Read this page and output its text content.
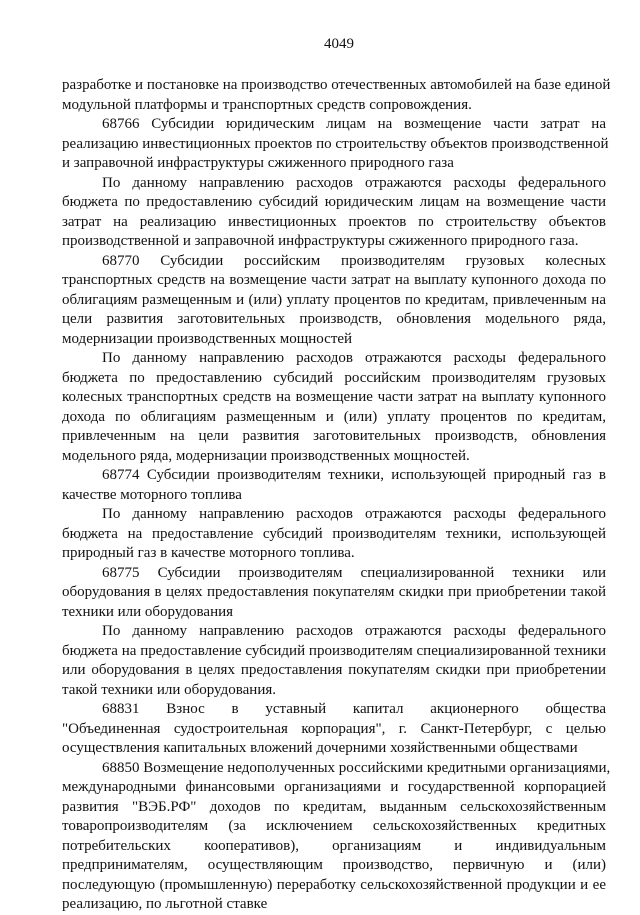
4049
разработке и постановке на производство отечественных автомобилей на базе единой
модульной платформы и транспортных средств сопровождения.
68766 Субсидии юридическим лицам на возмещение части затрат на
реализацию инвестиционных проектов по строительству объектов производственной
и заправочной инфраструктуры сжиженного природного газа
По данному направлению расходов отражаются расходы федерального
бюджета по предоставлению субсидий юридическим лицам на возмещение части
затрат на реализацию инвестиционных проектов по строительству объектов
производственной и заправочной инфраструктуры сжиженного природного газа.
68770 Субсидии российским производителям грузовых колесных
транспортных средств на возмещение части затрат на выплату купонного дохода по
облигациям размещенным и (или) уплату процентов по кредитам, привлеченным на
цели развития заготовительных производств, обновления модельного ряда,
модернизации производственных мощностей
По данному направлению расходов отражаются расходы федерального
бюджета по предоставлению субсидий российским производителям грузовых
колесных транспортных средств на возмещение части затрат на выплату купонного
дохода по облигациям размещенным и (или) уплату процентов по кредитам,
привлеченным на цели развития заготовительных производств, обновления
модельного ряда, модернизации производственных мощностей.
68774 Субсидии производителям техники, использующей природный газ в
качестве моторного топлива
По данному направлению расходов отражаются расходы федерального
бюджета на предоставление субсидий производителям техники, использующей
природный газ в качестве моторного топлива.
68775 Субсидии производителям специализированной техники или
оборудования в целях предоставления покупателям скидки при приобретении такой
техники или оборудования
По данному направлению расходов отражаются расходы федерального
бюджета на предоставление субсидий производителям специализированной техники
или оборудования в целях предоставления покупателям скидки при приобретении
такой техники или оборудования.
68831 Взнос в уставный капитал акционерного общества
"Объединенная судостроительная корпорация", г. Санкт-Петербург, с целью
осуществления капитальных вложений дочерними хозяйственными обществами
68850 Возмещение недополученных российскими кредитными организациями,
международными финансовыми организациями и государственной корпорацией
развития "ВЭБ.РФ" доходов по кредитам, выданным сельскохозяйственным
товаропроизводителям (за исключением сельскохозяйственных кредитных
потребительских кооперативов), организациям и индивидуальным
предпринимателям, осуществляющим производство, первичную и (или)
последующую (промышленную) переработку сельскохозяйственной продукции и ее
реализацию, по льготной ставке
